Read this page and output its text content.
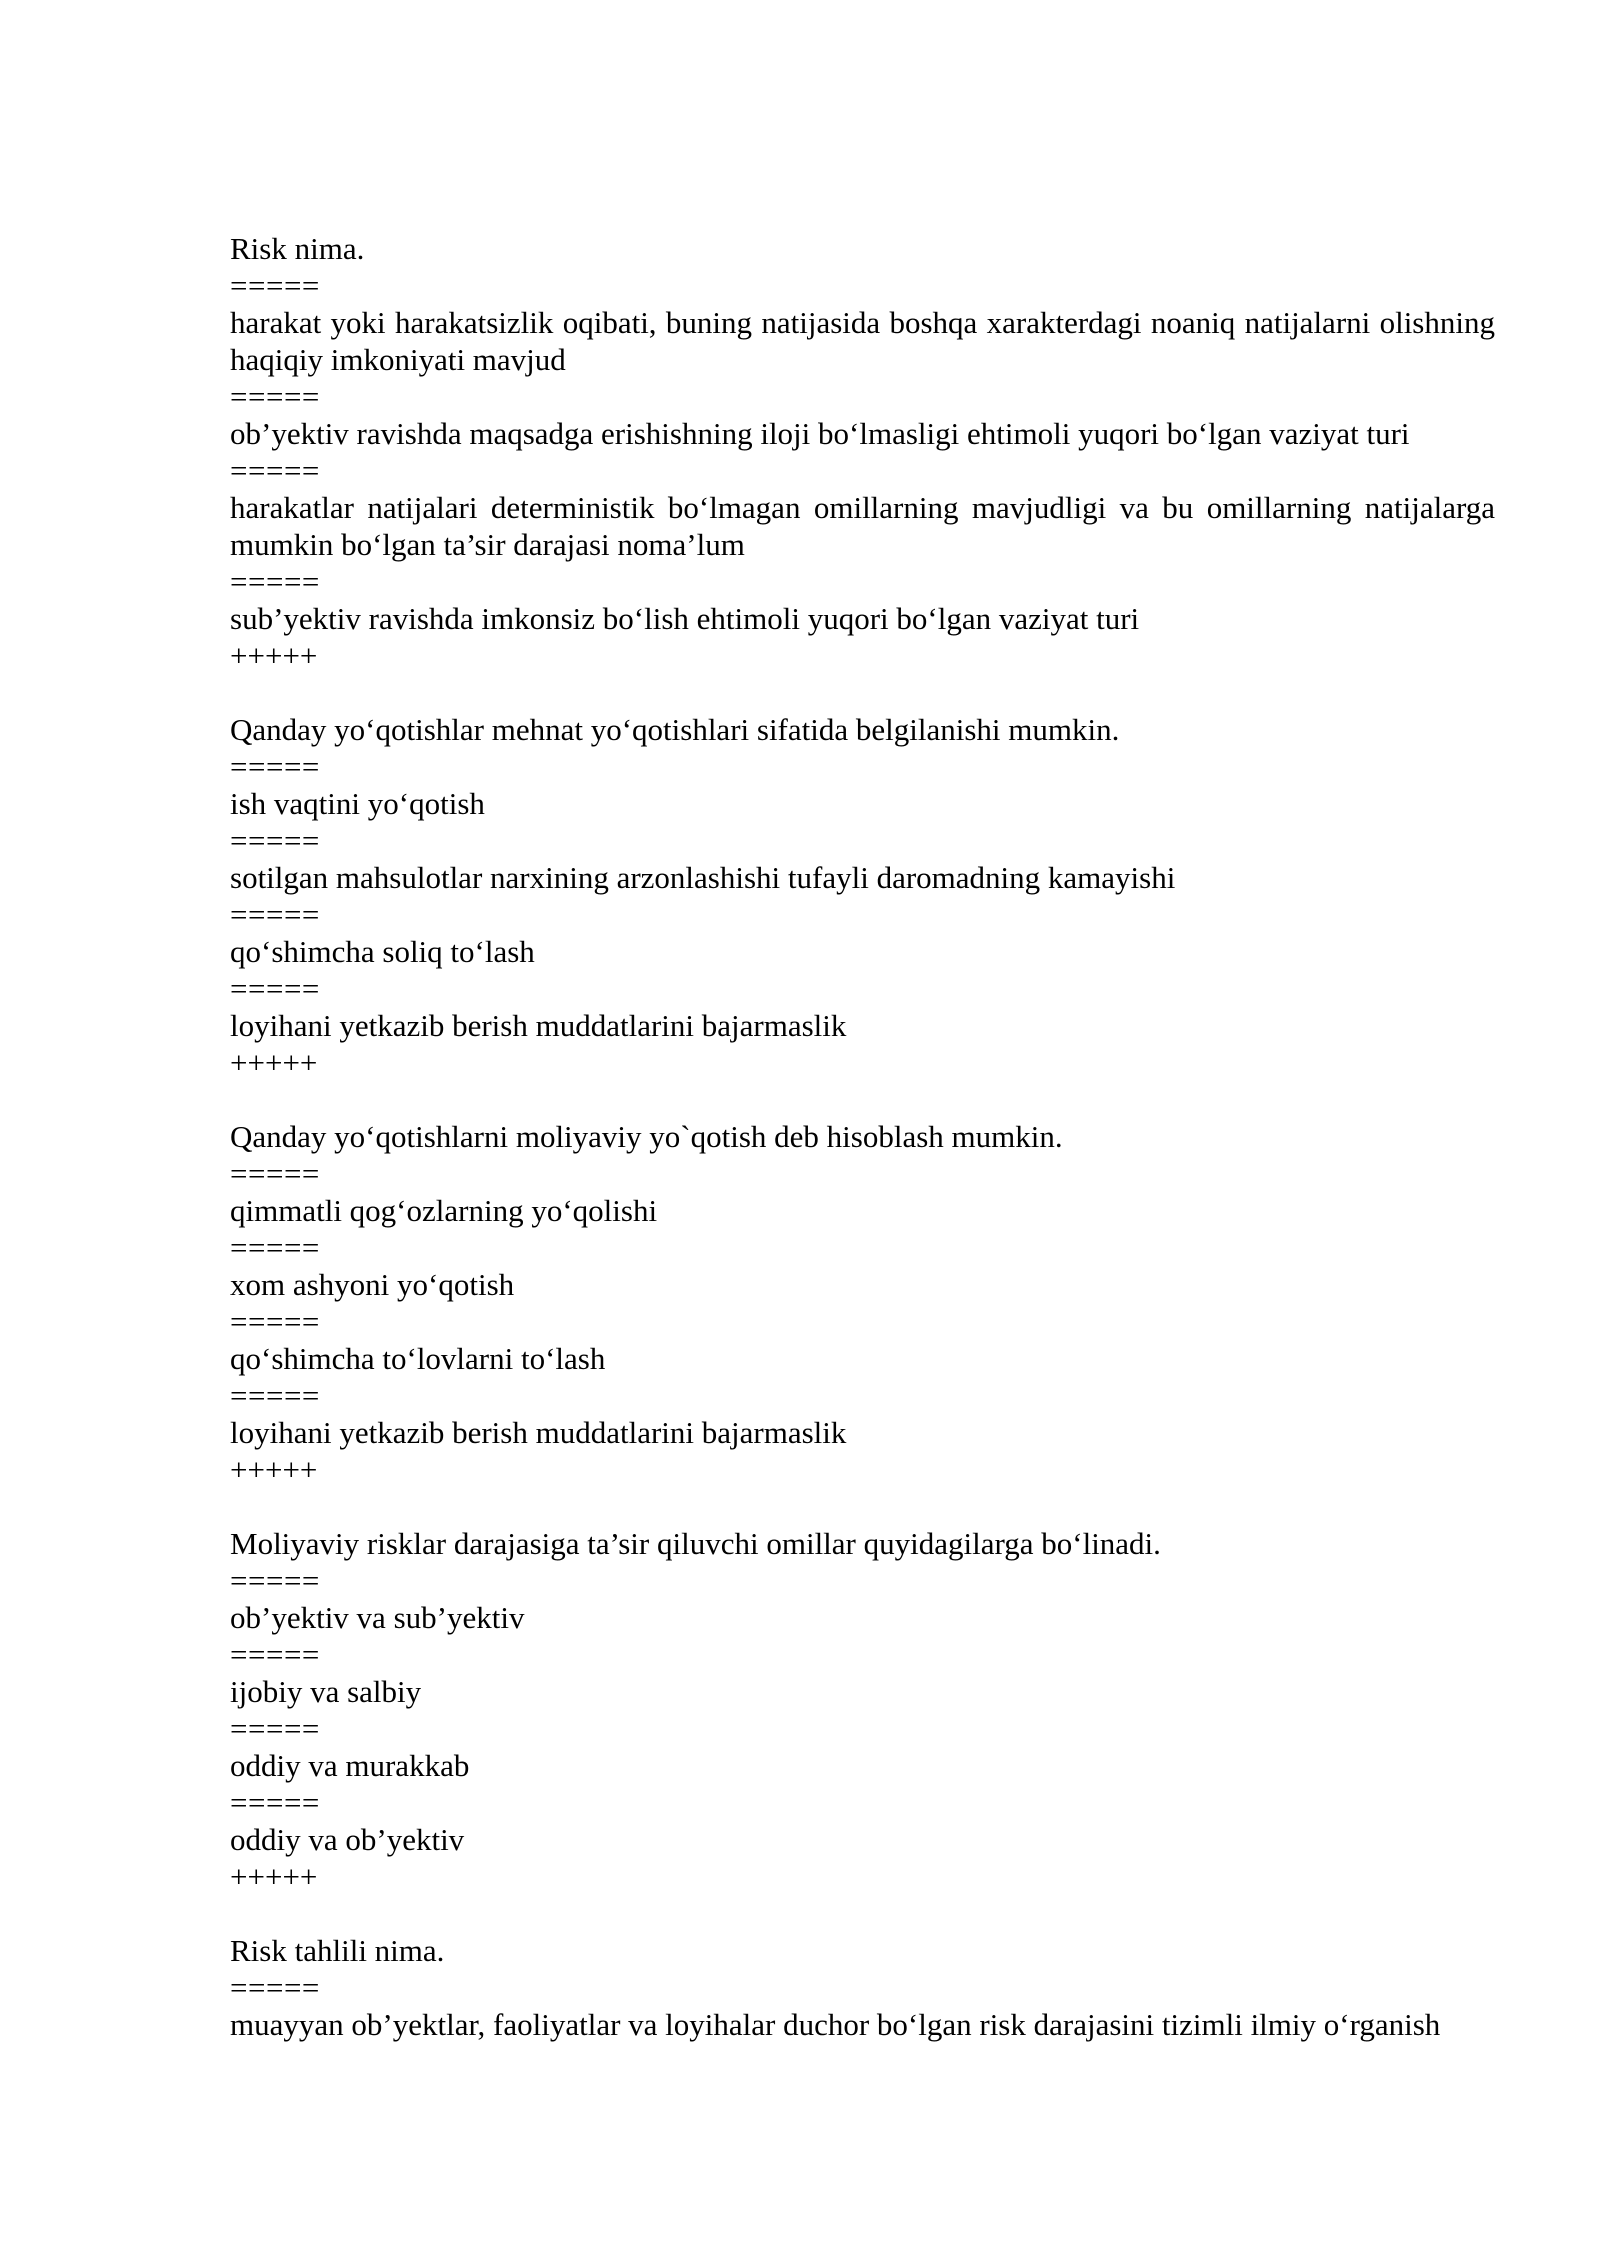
Risk nima.

=====

harakat yoki harakatsizlik oqibati, buning natijasida boshqa xarakterdagi noaniq natijalarni olishning haqiqiy imkoniyati mavjud

=====

ob’yektiv ravishda maqsadga erishishning iloji bo‘lmasligi ehtimoli yuqori bo‘lgan vaziyat turi

=====

harakatlar natijalari deterministik bo‘lmagan omillarning mavjudligi va bu omillarning natijalarga mumkin bo‘lgan ta’sir darajasi noma’lum

=====

sub’yektiv ravishda imkonsiz bo‘lish ehtimoli yuqori bo‘lgan vaziyat turi

+++++

Qanday yo‘qotishlar mehnat yo‘qotishlari sifatida belgilanishi mumkin.

=====

ish vaqtini yo‘qotish

=====

sotilgan mahsulotlar narxining arzonlashishi tufayli daromadning kamayishi

=====

qo‘shimcha soliq to‘lash

=====

loyihani yetkazib berish muddatlarini bajarmaslik

+++++

Qanday yo‘qotishlarni moliyaviy yo`qotish deb hisoblash mumkin.

=====

qimmatli qog‘ozlarning yo‘qolishi

=====

xom ashyoni yo‘qotish

=====

qo‘shimcha to‘lovlarni to‘lash

=====

loyihani yetkazib berish muddatlarini bajarmaslik

+++++

Moliyaviy risklar darajasiga ta’sir qiluvchi omillar quyidagilarga bo‘linadi.

=====

ob’yektiv va sub’yektiv

=====

ijobiy va salbiy

=====

oddiy va murakkab

=====

oddiy va ob’yektiv

+++++

Risk tahlili nima.

=====

muayyan ob’yektlar, faoliyatlar va loyihalar duchor bo‘lgan risk darajasini tizimli ilmiy o‘rganish
